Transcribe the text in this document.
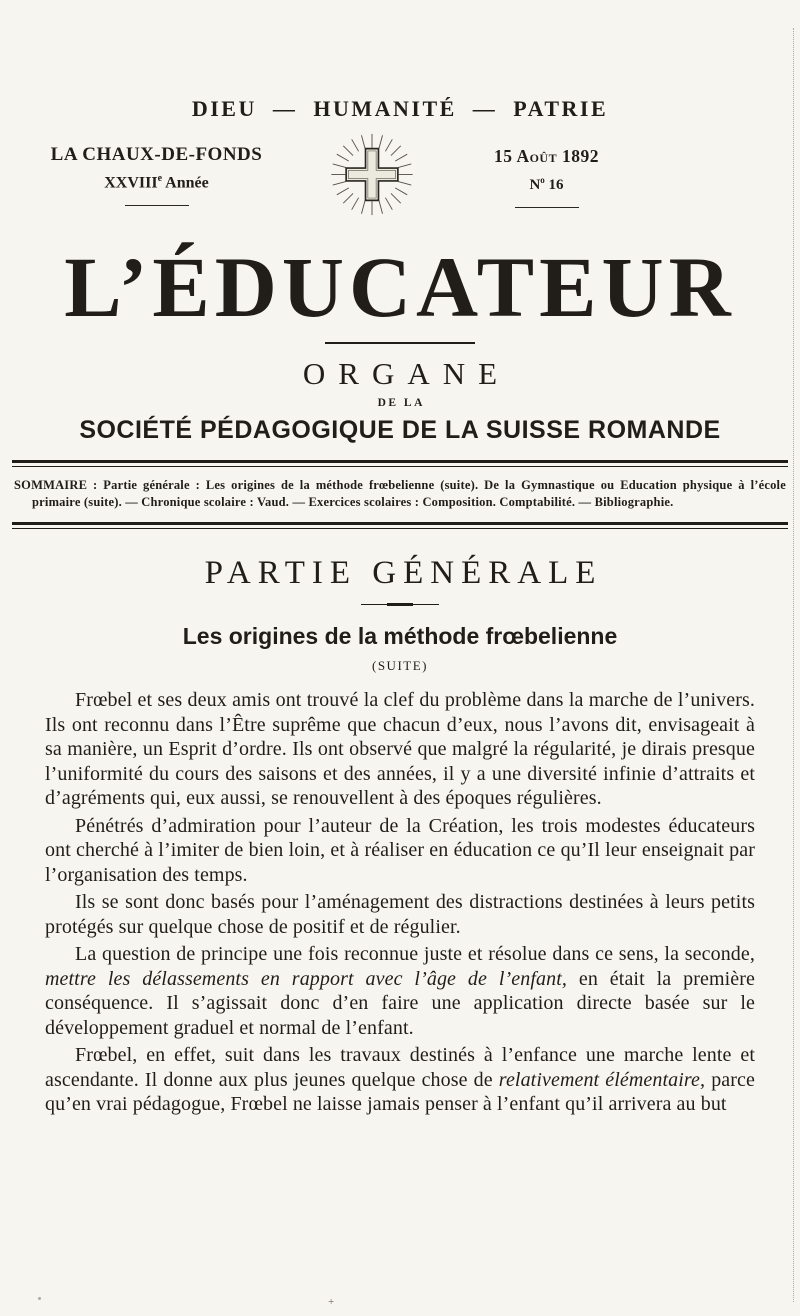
DIEU — HUMANITÉ — PATRIE
LA CHAUX-DE-FONDS
XXVIIIe Année
15 Août 1892
$N^o$ 16
L’ÉDUCATEUR
ORGANE
DE LA
SOCIÉTÉ PÉDAGOGIQUE DE LA SUISSE ROMANDE

SOMMAIRE : Partie générale : Les origines de la méthode frœbelienne (suite). De la Gymnastique ou Education physique à l’école primaire (suite). — Chronique scolaire : Vaud. — Exercices scolaires : Composition. Comptabilité. — Bibliographie.

PARTIE GÉNÉRALE
Les origines de la méthode frœbelienne
(SUITE)

Frœbel et ses deux amis ont trouvé la clef du problème dans la marche de l’univers. Ils ont reconnu dans l’Être suprême que chacun d’eux, nous l’avons dit, envisageait à sa manière, un Esprit d’ordre. Ils ont observé que malgré la régularité, je dirais presque l’uniformité du cours des saisons et des années, il y a une diversité infinie d’attraits et d’agréments qui, eux aussi, se renouvellent à des époques régulières.

Pénétrés d’admiration pour l’auteur de la Création, les trois modestes éducateurs ont cherché à l’imiter de bien loin, et à réaliser en éducation ce qu’Il leur enseignait par l’organisation des temps.

Ils se sont donc basés pour l’aménagement des distractions destinées à leurs petits protégés sur quelque chose de positif et de régulier.

La question de principe une fois reconnue juste et résolue dans ce sens, la seconde, mettre les délassements en rapport avec l’âge de l’enfant, en était la première conséquence. Il s’agissait donc d’en faire une application directe basée sur le développement graduel et normal de l’enfant.

Frœbel, en effet, suit dans les travaux destinés à l’enfance une marche lente et ascendante. Il donne aux plus jeunes quelque chose de relativement élémentaire, parce qu’en vrai pédagogue, Frœbel ne laisse jamais penser à l’enfant qu’il arrivera au but

+
